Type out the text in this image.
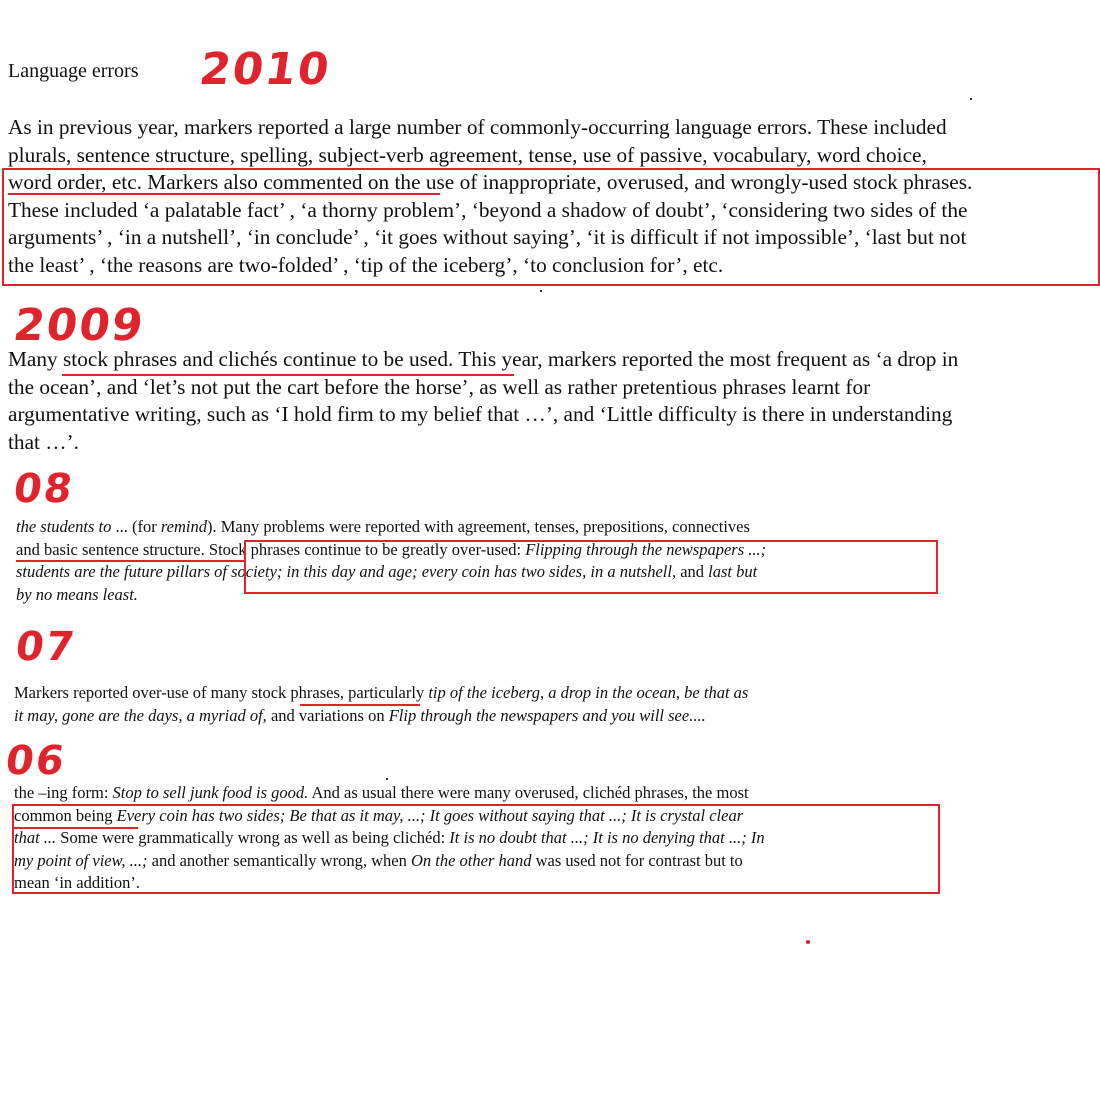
Language errors 2010
2009
08
07
06
As in previous year, markers reported a large number of commonly-occurring language errors. These included
plurals, sentence structure, spelling, subject-verb agreement, tense, use of passive, vocabulary, word choice,
word order, etc. Markers also commented on the use of inappropriate, overused, and wrongly-used stock phrases.
These included ‘a palatable fact’ , ‘a thorny problem’, ‘beyond a shadow of doubt’, ‘considering two sides of the
arguments’ , ‘in a nutshell’, ‘in conclude’ , ‘it goes without saying’, ‘it is difficult if not impossible’, ‘last but not
the least’ , ‘the reasons are two-folded’ , ‘tip of the iceberg’, ‘to conclusion for’, etc.
Many stock phrases and clichés continue to be used. This year, markers reported the most frequent as ‘a drop in
the ocean’, and ‘let’s not put the cart before the horse’, as well as rather pretentious phrases learnt for
argumentative writing, such as ‘I hold firm to my belief that …’, and ‘Little difficulty is there in understanding
that …’.
the students to ... (for remind). Many problems were reported with agreement, tenses, prepositions, connectives
and basic sentence structure. Stock phrases continue to be greatly over-used: Flipping through the newspapers ...;
students are the future pillars of society; in this day and age; every coin has two sides, in a nutshell, and last but
by no means least.
Markers reported over-use of many stock phrases, particularly tip of the iceberg, a drop in the ocean, be that as
it may, gone are the days, a myriad of, and variations on Flip through the newspapers and you will see....
the –ing form: Stop to sell junk food is good. And as usual there were many overused, clichéd phrases, the most
common being Every coin has two sides; Be that as it may, ...; It goes without saying that ...; It is crystal clear
that ... Some were grammatically wrong as well as being clichéd: It is no doubt that ...; It is no denying that ...; In
my point of view, ...; and another semantically wrong, when On the other hand was used not for contrast but to
mean ‘in addition’.
